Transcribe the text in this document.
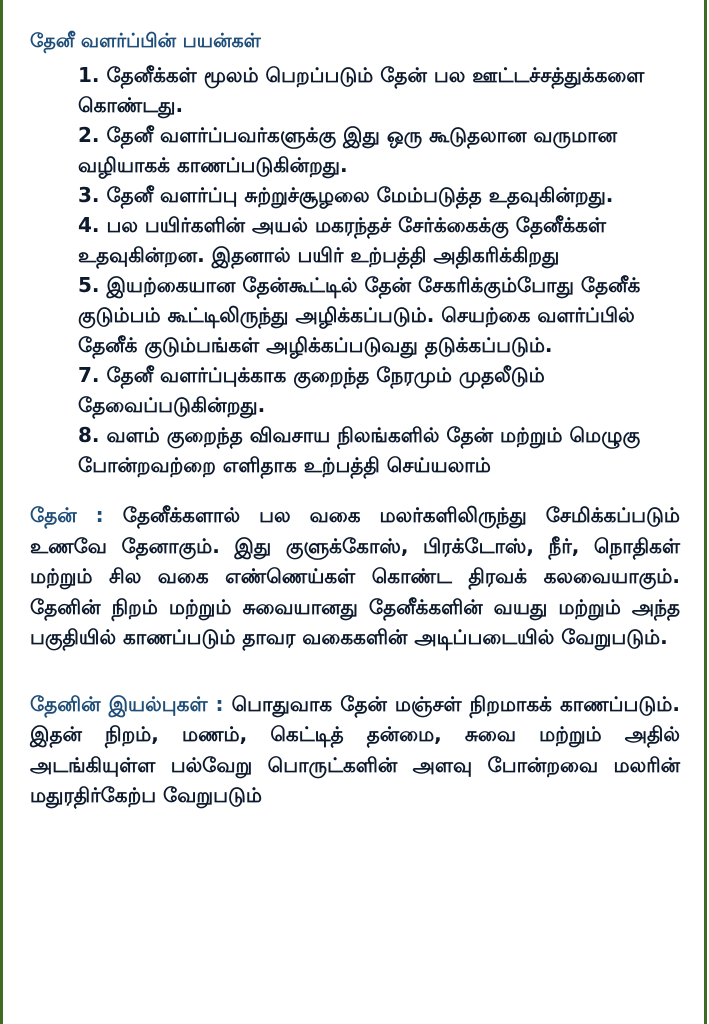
தேனீ வளர்ப்பின் பயன்கள்
1. தேனீக்கள் மூலம் பெறப்படும் தேன் பல ஊட்டச்சத்துக்களை கொண்டது.
2. தேனீ வளர்ப்பவர்களுக்கு இது ஒரு கூடுதலான வருமான வழியாகக் காணப்படுகின்றது.
3. தேனீ வளர்ப்பு சுற்றுச்சூழலை மேம்படுத்த உதவுகின்றது.
4. பல பயிர்களின் அயல் மகரந்தச் சேர்க்கைக்கு தேனீக்கள் உதவுகின்றன. இதனால் பயிர் உற்பத்தி அதிகரிக்கிறது
5. இயற்கையான தேன்கூட்டில் தேன் சேகரிக்கும்போது தேனீக் குடும்பம் கூட்டிலிருந்து அழிக்கப்படும். செயற்கை வளர்ப்பில் தேனீக் குடும்பங்கள் அழிக்கப்படுவது தடுக்கப்படும்.
7. தேனீ வளர்ப்புக்காக குறைந்த நேரமும் முதலீடும் தேவைப்படுகின்றது.
8. வளம் குறைந்த விவசாய நிலங்களில் தேன் மற்றும் மெழுகு போன்றவற்றை எளிதாக உற்பத்தி செய்யலாம்

தேன் : தேனீக்களால் பல வகை மலர்களிலிருந்து சேமிக்கப்படும் உணவே தேனாகும். இது குளுக்கோஸ், பிரக்டோஸ், நீர், நொதிகள் மற்றும் சில வகை எண்ணெய்கள் கொண்ட திரவக் கலவையாகும். தேனின் நிறம் மற்றும் சுவையானது தேனீக்களின் வயது மற்றும் அந்த பகுதியில் காணப்படும் தாவர வகைகளின் அடிப்படையில் வேறுபடும்.

தேனின் இயல்புகள் : பொதுவாக தேன் மஞ்சள் நிறமாகக் காணப்படும். இதன் நிறம், மணம், கெட்டித் தன்மை, சுவை மற்றும் அதில் அடங்கியுள்ள பல்வேறு பொருட்களின் அளவு போன்றவை மலரின் மதுரதிர்கேற்ப வேறுபடும்
